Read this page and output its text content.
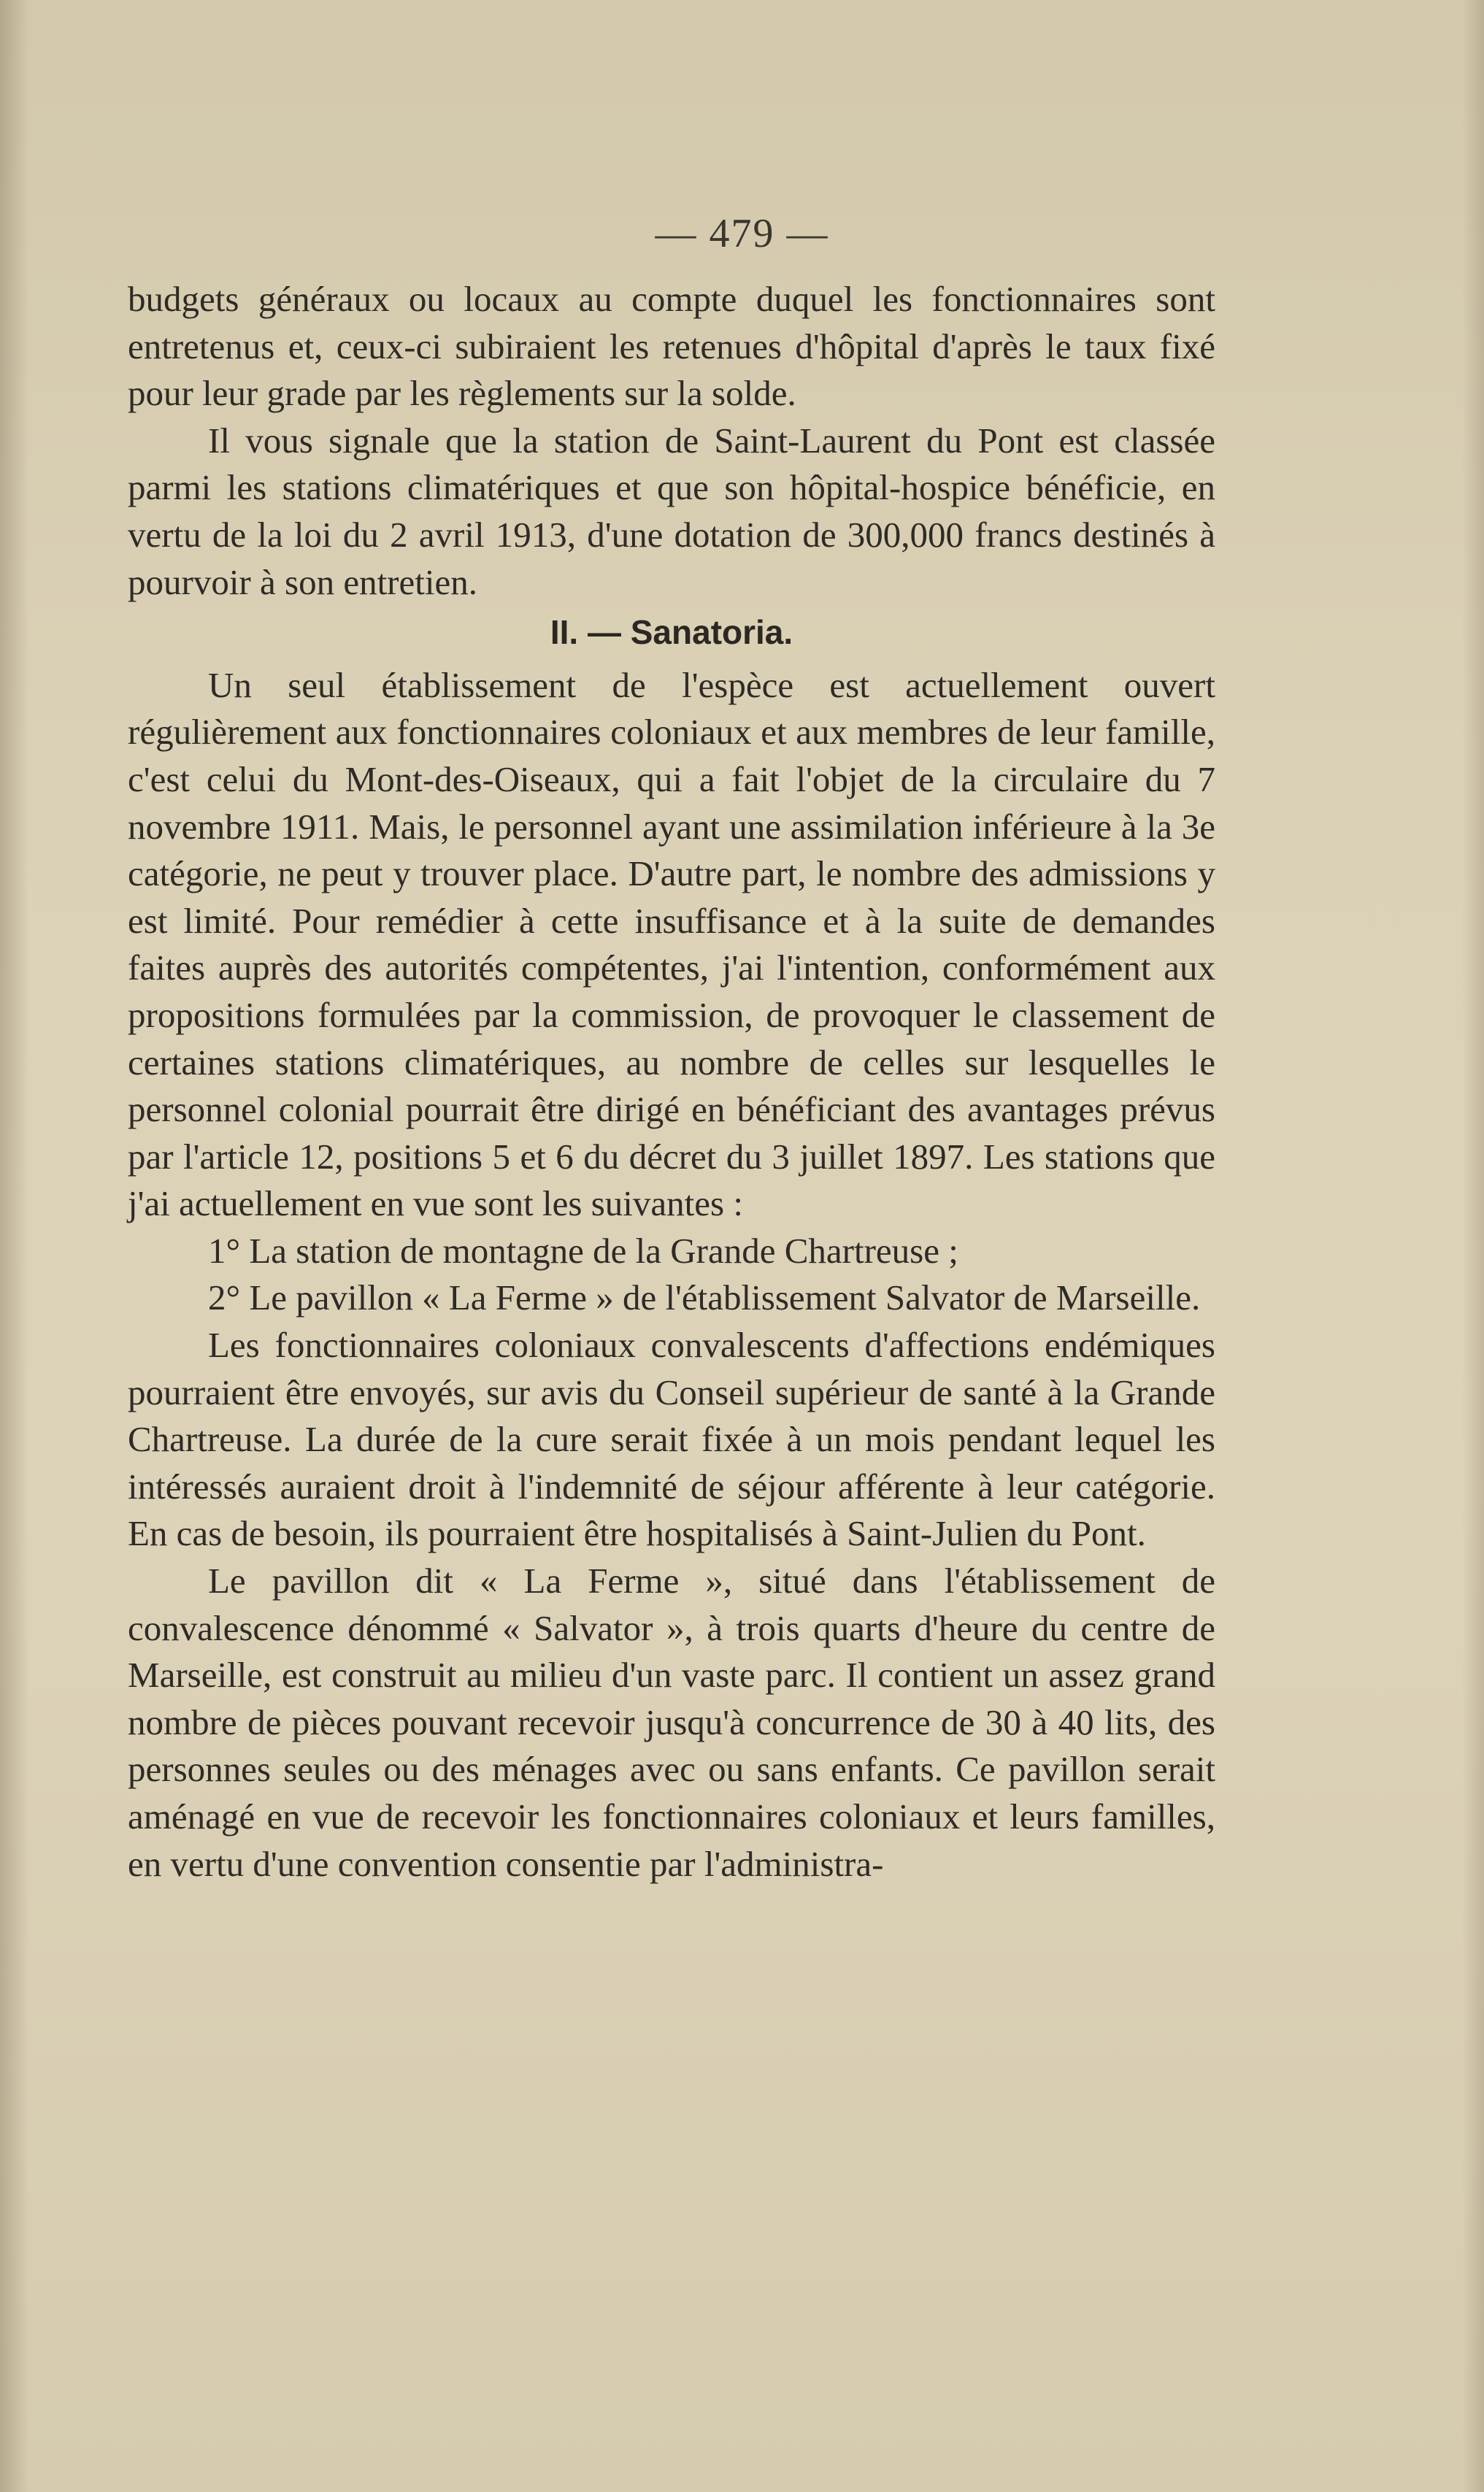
— 479 —

budgets généraux ou locaux au compte duquel les fonctionnaires sont entretenus et, ceux-ci subiraient les retenues d'hôpital d'après le taux fixé pour leur grade par les règlements sur la solde.

Il vous signale que la station de Saint-Laurent du Pont est classée parmi les stations climatériques et que son hôpital-hospice bénéficie, en vertu de la loi du 2 avril 1913, d'une dotation de 300,000 francs destinés à pourvoir à son entretien.

II. — Sanatoria.

Un seul établissement de l'espèce est actuellement ouvert régulièrement aux fonctionnaires coloniaux et aux membres de leur famille, c'est celui du Mont-des-Oiseaux, qui a fait l'objet de la circulaire du 7 novembre 1911. Mais, le personnel ayant une assimilation inférieure à la 3e catégorie, ne peut y trouver place. D'autre part, le nombre des admissions y est limité. Pour remédier à cette insuffisance et à la suite de demandes faites auprès des autorités compétentes, j'ai l'intention, conformément aux propositions formulées par la commission, de provoquer le classement de certaines stations climatériques, au nombre de celles sur lesquelles le personnel colonial pourrait être dirigé en bénéficiant des avantages prévus par l'article 12, positions 5 et 6 du décret du 3 juillet 1897. Les stations que j'ai actuellement en vue sont les suivantes :

1° La station de montagne de la Grande Chartreuse ;

2° Le pavillon « La Ferme » de l'établissement Salvator de Marseille.

Les fonctionnaires coloniaux convalescents d'affections endémiques pourraient être envoyés, sur avis du Conseil supérieur de santé à la Grande Chartreuse. La durée de la cure serait fixée à un mois pendant lequel les intéressés auraient droit à l'indemnité de séjour afférente à leur catégorie. En cas de besoin, ils pourraient être hospitalisés à Saint-Julien du Pont.

Le pavillon dit « La Ferme », situé dans l'établissement de convalescence dénommé « Salvator », à trois quarts d'heure du centre de Marseille, est construit au milieu d'un vaste parc. Il contient un assez grand nombre de pièces pouvant recevoir jusqu'à concurrence de 30 à 40 lits, des personnes seules ou des ménages avec ou sans enfants. Ce pavillon serait aménagé en vue de recevoir les fonctionnaires coloniaux et leurs familles, en vertu d'une convention consentie par l'administra-
